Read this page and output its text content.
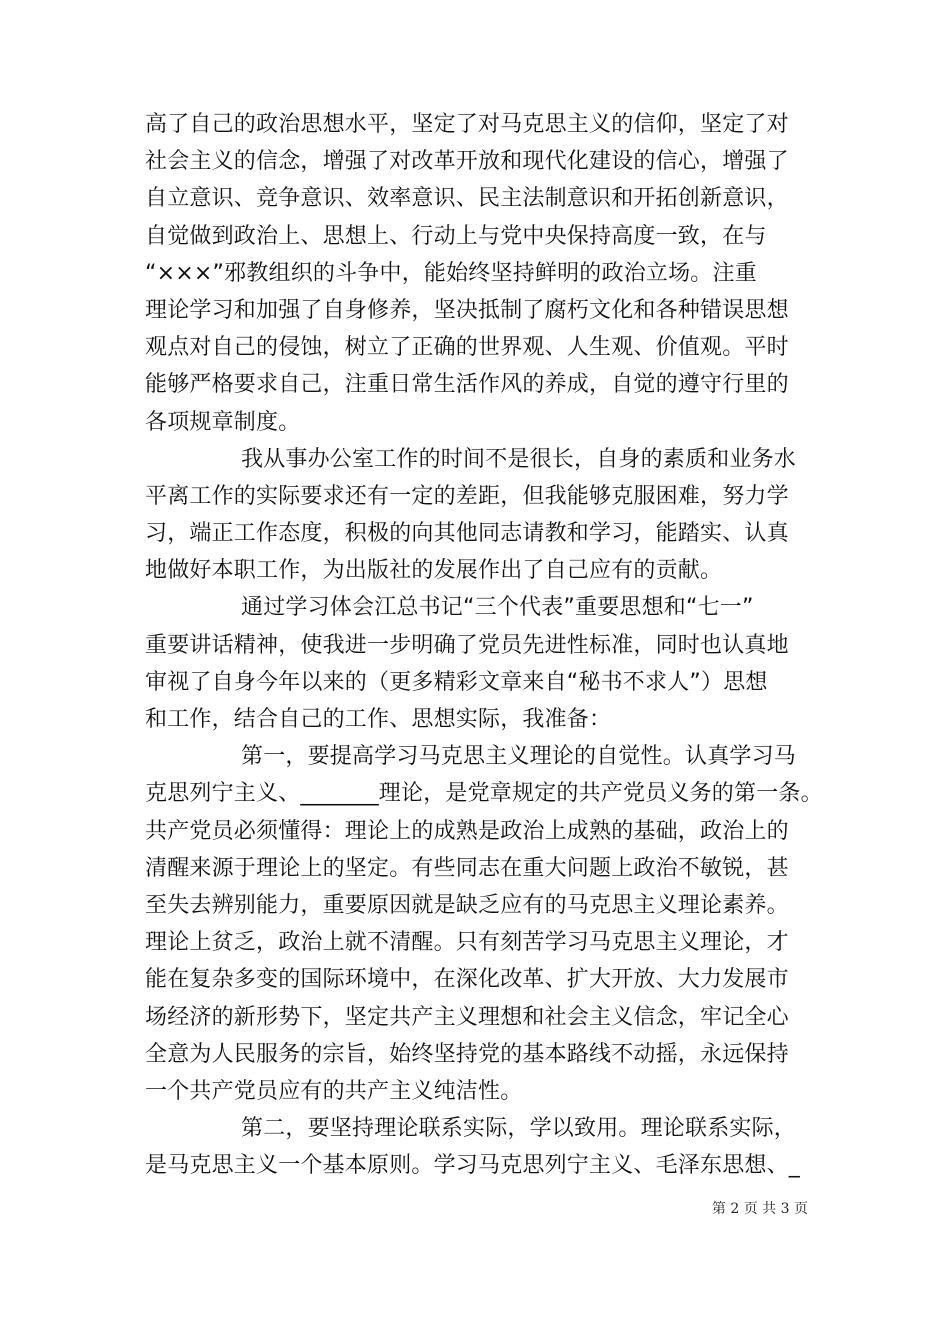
高了自己的政治思想水平，坚定了对马克思主义的信仰，坚定了对
社会主义的信念，增强了对改革开放和现代化建设的信心，增强了
自立意识、竞争意识、效率意识、民主法制意识和开拓创新意识，
自觉做到政治上、思想上、行动上与党中央保持高度一致，在与
“×××”邪教组织的斗争中，能始终坚持鲜明的政治立场。注重
理论学习和加强了自身修养，坚决抵制了腐朽文化和各种错误思想
观点对自己的侵蚀，树立了正确的世界观、人生观、价值观。平时
能够严格要求自己，注重日常生活作风的养成，自觉的遵守行里的
各项规章制度。
我从事办公室工作的时间不是很长，自身的素质和业务水
平离工作的实际要求还有一定的差距，但我能够克服困难，努力学
习，端正工作态度，积极的向其他同志请教和学习，能踏实、认真
地做好本职工作，为出版社的发展作出了自己应有的贡献。
通过学习体会江总书记“三个代表”重要思想和“七一”
重要讲话精神，使我进一步明确了党员先进性标准，同时也认真地
审视了自身今年以来的（更多精彩文章来自“秘书不求人”）思想
和工作，结合自己的工作、思想实际，我准备：
第一，要提高学习马克思主义理论的自觉性。认真学习马
克思列宁主义、_______理论，是党章规定的共产党员义务的第一条。
共产党员必须懂得：理论上的成熟是政治上成熟的基础，政治上的
清醒来源于理论上的坚定。有些同志在重大问题上政治不敏锐，甚
至失去辨别能力，重要原因就是缺乏应有的马克思主义理论素养。
理论上贫乏，政治上就不清醒。只有刻苦学习马克思主义理论，才
能在复杂多变的国际环境中，在深化改革、扩大开放、大力发展市
场经济的新形势下，坚定共产主义理想和社会主义信念，牢记全心
全意为人民服务的宗旨，始终坚持党的基本路线不动摇，永远保持
一个共产党员应有的共产主义纯洁性。
第二，要坚持理论联系实际，学以致用。理论联系实际，
是马克思主义一个基本原则。学习马克思列宁主义、毛泽东思想、_
第 2 页 共 3 页
